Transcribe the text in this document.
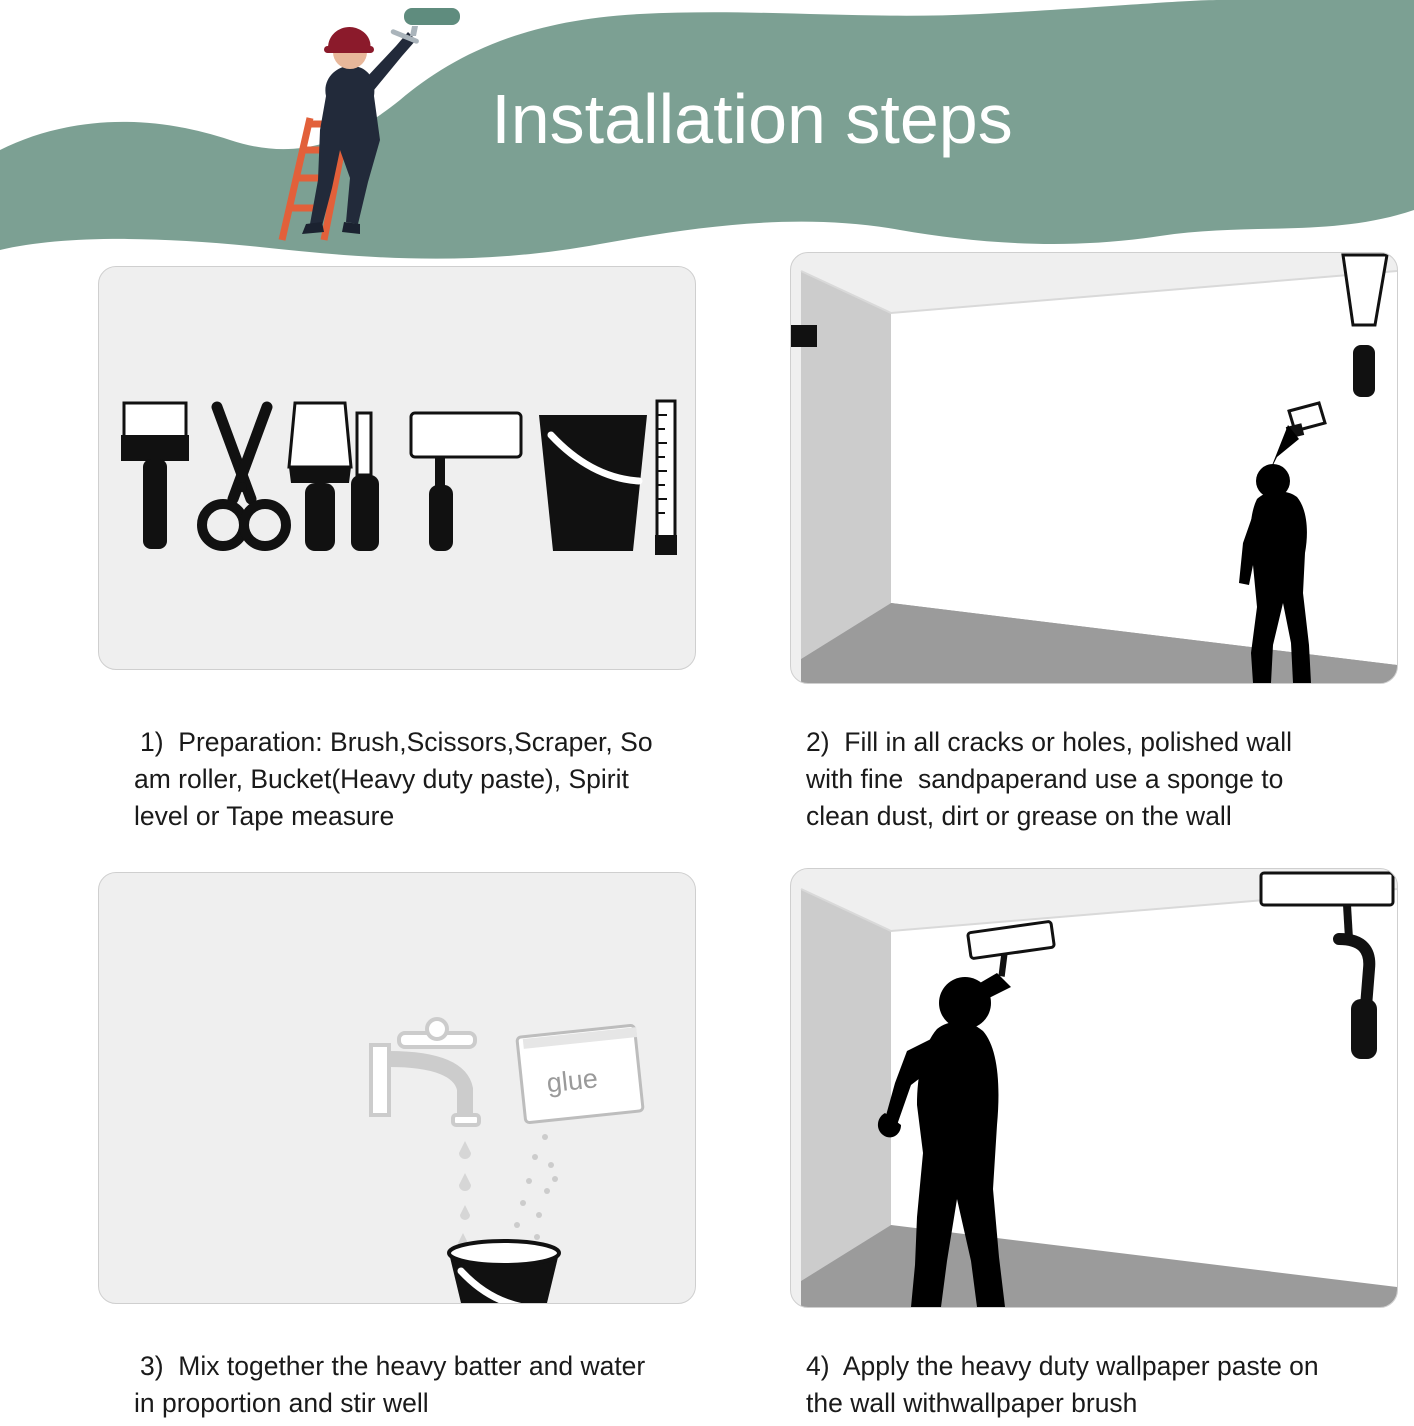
Installation steps
1)  Preparation: Brush,Scissors,Scraper, So
am roller, Bucket(Heavy duty paste), Spirit
level or Tape measure
2)  Fill in all cracks or holes, polished wall
with fine  sandpaperand use a sponge to
clean dust, dirt or grease on the wall
glue
3)  Mix together the heavy batter and water
in proportion and stir well
4)  Apply the heavy duty wallpaper paste on
the wall withwallpaper brush
